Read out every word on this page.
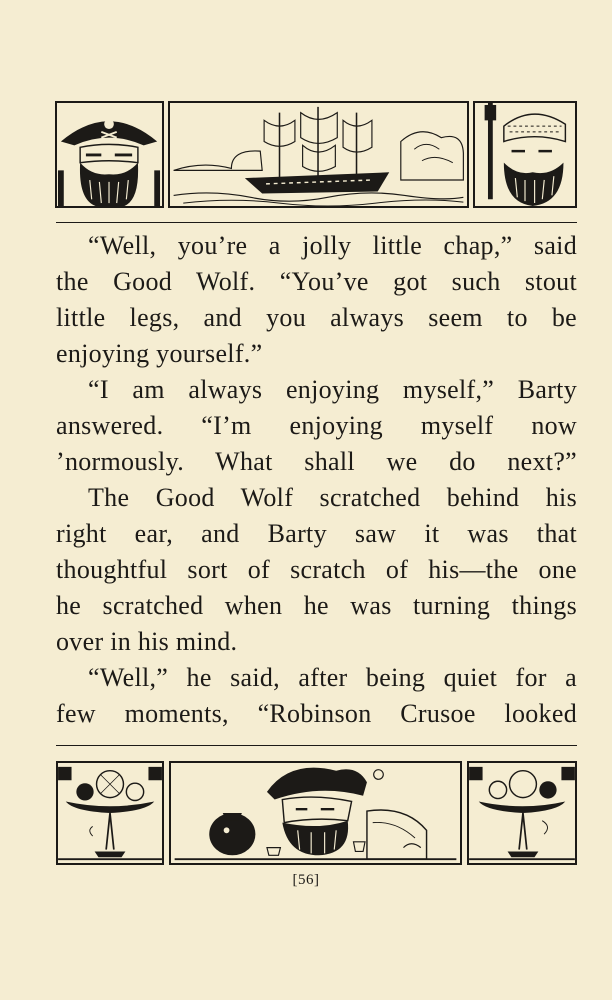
“Well, you’re a jolly little chap,” said
the Good Wolf. “You’ve got such stout
little legs, and you always seem to be
enjoying yourself.”
“I am always enjoying myself,” Barty
answered. “I’m enjoying myself now
’normously. What shall we do next?”
The Good Wolf scratched behind his
right ear, and Barty saw it was that
thoughtful sort of scratch of his—the one
he scratched when he was turning things
over in his mind.
“Well,” he said, after being quiet for a
few moments, “Robinson Crusoe looked
[56]
